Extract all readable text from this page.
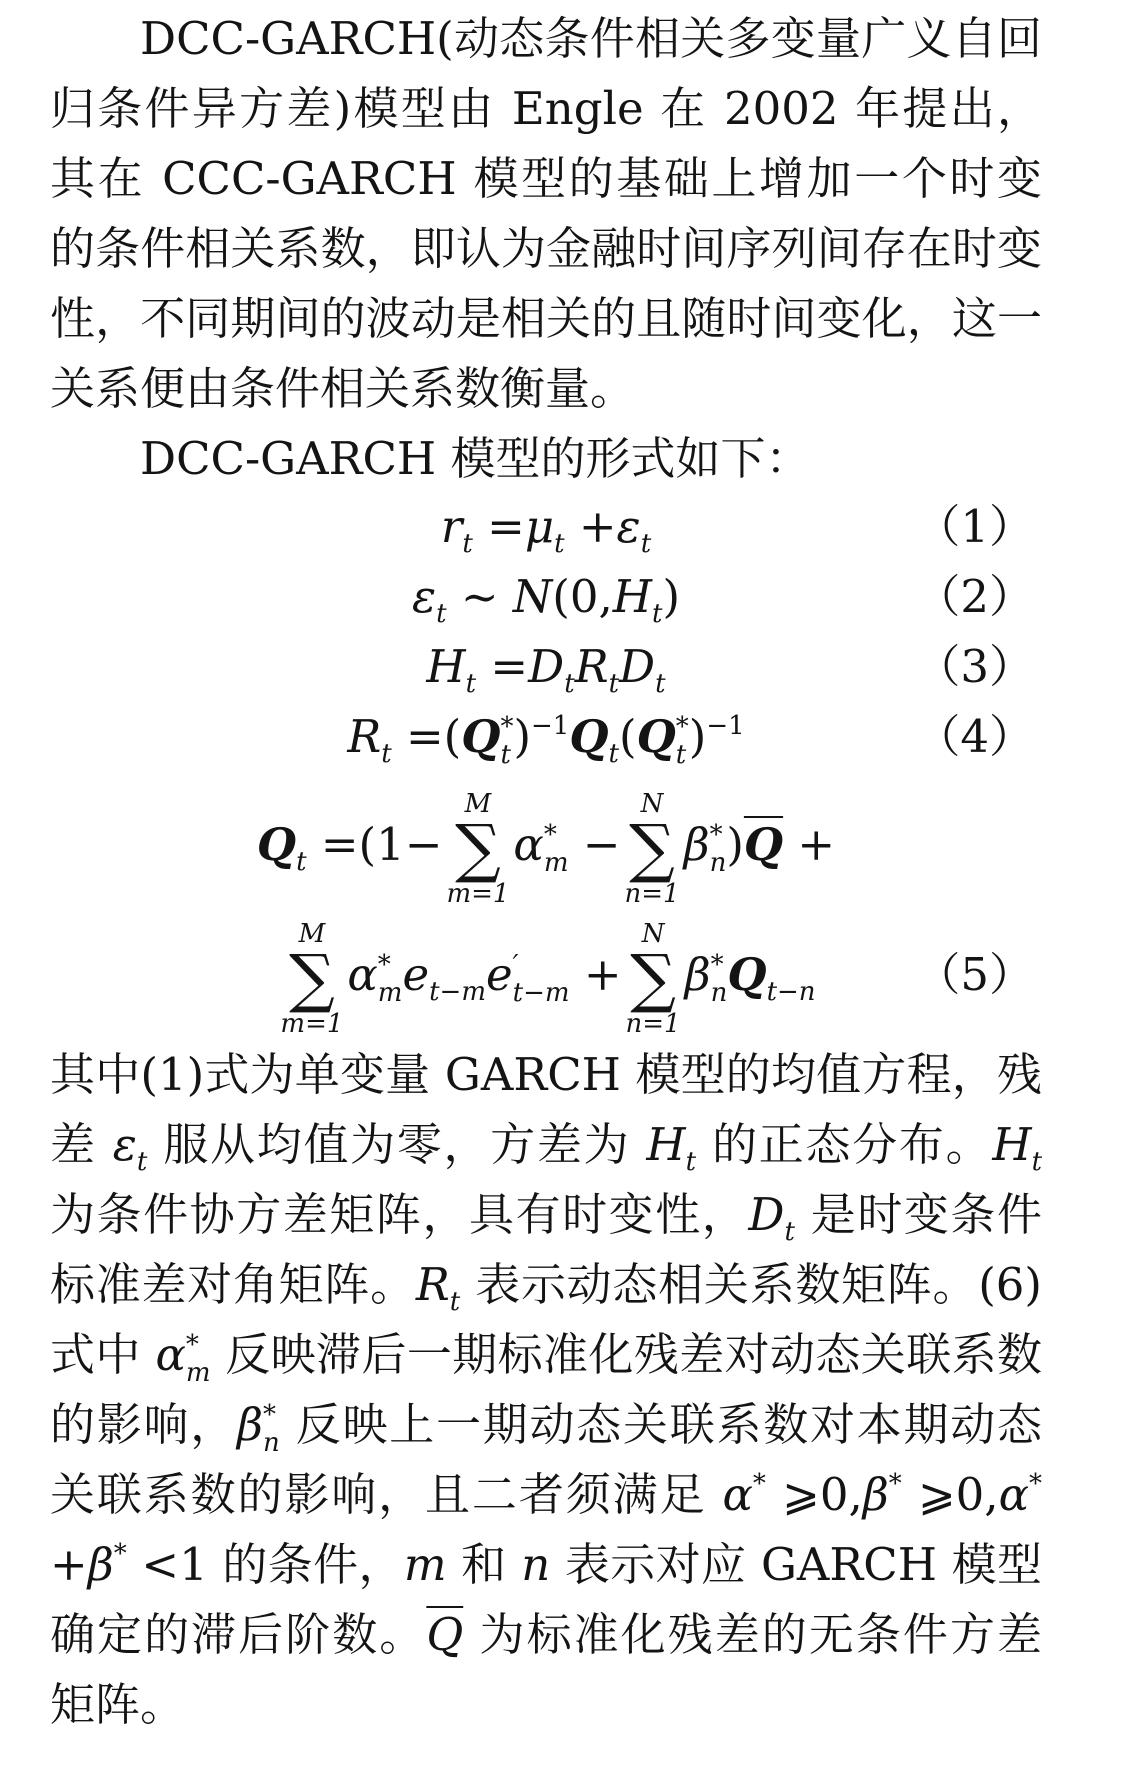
DCC-GARCH(动态条件相关多变量广义自回归条件异方差)模型由 Engle 在 2002 年提出，其在 CCC-GARCH 模型的基础上增加一个时变的条件相关系数，即认为金融时间序列间存在时变性，不同期间的波动是相关的且随时间变化，这一关系便由条件相关系数衡量。

DCC-GARCH 模型的形式如下：

$r_t =\mu_t +\varepsilon_t$	（1）
$\varepsilon_t$ ~ $N(0,H_t)$	（2）
$H_t =D_tR_tD_t$	（3）
$R_t =(Q$ *
t )$^{-1}Q_t(Q$ *
t )$^{-1}$	（4）
$Q_t =(1-$
M
∑
m=1
α *
m −
N
∑
n=1
β *
n )$\overline{Q}$ +
M
∑
m=1
α *
m $e_{t-m}e$ ′
t−m +
N
∑
n=1
β *
n $Q_{t-n}$	（5）

其中(1)式为单变量 GARCH 模型的均值方程，残差 $\varepsilon_t$ 服从均值为零，方差为 $H_t$ 的正态分布。$H_t$为条件协方差矩阵，具有时变性，$D_t$ 是时变条件标准差对角矩阵。$R_t$ 表示动态相关系数矩阵。(6)式中 α *
m 反映滞后一期标准化残差对动态关联系数的影响，β *
n 反映上一期动态关联系数对本期动态关联系数的影响，且二者须满足 α* ⩾0,β* ⩾0,α* +β* <1 的条件，m 和 n 表示对应 GARCH 模型确定的滞后阶数。$\overline{Q}$ 为标准化残差的无条件方差矩阵。
